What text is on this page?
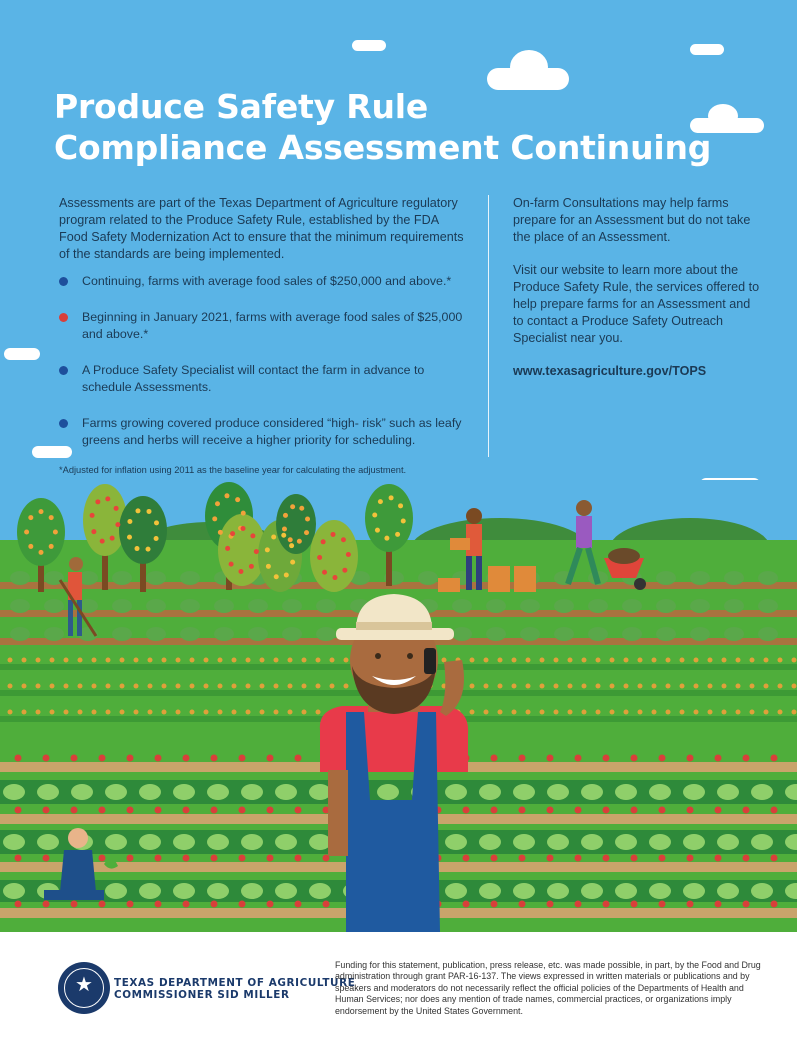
Produce Safety Rule
Compliance Assessment Continuing

Assessments are part of the Texas Department of Agriculture regulatory program related to the Produce Safety Rule, established by the FDA Food Safety Modernization Act to ensure that the minimum requirements of the standards are being implemented.

Continuing, farms with average food sales of $250,000 and above.*
Beginning in January 2021, farms with average food sales of $25,000 and above.*
A Produce Safety Specialist will contact the farm in advance to schedule Assessments.
Farms growing covered produce considered “high- risk” such as leafy greens and herbs will receive a higher priority for scheduling.
*Adjusted for inflation using 2011 as the baseline year for calculating the adjustment.

On-farm Consultations may help farms prepare for an Assessment but do not take the place of an Assessment.

Visit our website to learn more about the Produce Safety Rule, the services offered to help prepare farms for an Assessment and to contact a Produce Safety Outreach Specialist near you.

www.texasagriculture.gov/TOPS

★	TEXAS DEPARTMENT OF AGRICULTURE
COMMISSIONER SID MILLER
Funding for this statement, publication, press release, etc. was made possible, in part, by the Food and Drug administration through grant PAR-16-137. The views expressed in written materials or publications and by speakers and moderators do not necessarily reflect the official policies of the Departments of Health and Human Services; nor does any mention of trade names, commercial practices, or organizations imply endorsement by the United States Government.
